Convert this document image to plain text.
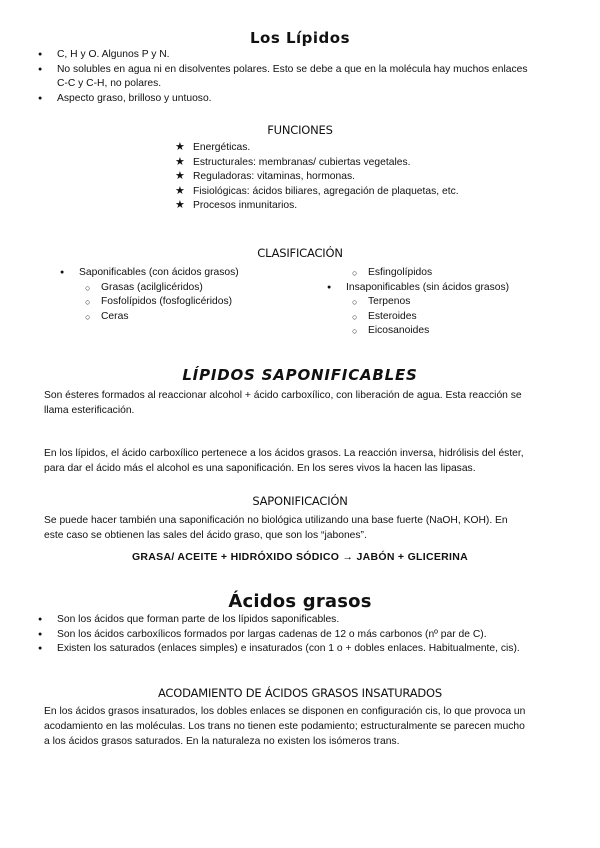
Los Lípidos
● C, H y O. Algunos P y N.
● No solubles en agua ni en disolventes polares. Esto se debe a que en la molécula hay muchos enlaces
C-C y C-H, no polares.
● Aspecto graso, brilloso y untuoso.
FUNCIONES
★ Energéticas.
★ Estructurales: membranas/ cubiertas vegetales.
★ Reguladoras: vitaminas, hormonas.
★ Fisiológicas: ácidos biliares, agregación de plaquetas, etc.
★ Procesos inmunitarios.
CLASIFICACIÓN
● Saponificables (con ácidos grasos)
○ Grasas (acilglicéridos)
○ Fosfolípidos (fosfoglicéridos)
○ Ceras
○ Esfingolípidos
● Insaponificables (sin ácidos grasos)
○ Terpenos
○ Esteroides
○ Eicosanoides
LÍPIDOS SAPONIFICABLES
Son ésteres formados al reaccionar alcohol + ácido carboxílico, con liberación de agua. Esta reacción se
llama esterificación.
En los lípidos, el ácido carboxílico pertenece a los ácidos grasos. La reacción inversa, hidrólisis del éster,
para dar el ácido más el alcohol es una saponificación. En los seres vivos la hacen las lipasas.
SAPONIFICACIÓN
Se puede hacer también una saponificación no biológica utilizando una base fuerte (NaOH, KOH). En
este caso se obtienen las sales del ácido graso, que son los “jabones”.
GRASA/ ACEITE + HIDRÓXIDO SÓDICO → JABÓN + GLICERINA
Ácidos grasos
● Son los ácidos que forman parte de los lípidos saponificables.
● Son los ácidos carboxílicos formados por largas cadenas de 12 o más carbonos (nº par de C).
● Existen los saturados (enlaces simples) e insaturados (con 1 o + dobles enlaces. Habitualmente, cis).
ACODAMIENTO DE ÁCIDOS GRASOS INSATURADOS
En los ácidos grasos insaturados, los dobles enlaces se disponen en configuración cis, lo que provoca un
acodamiento en las moléculas. Los trans no tienen este podamiento; estructuralmente se parecen mucho
a los ácidos grasos saturados. En la naturaleza no existen los isómeros trans.
